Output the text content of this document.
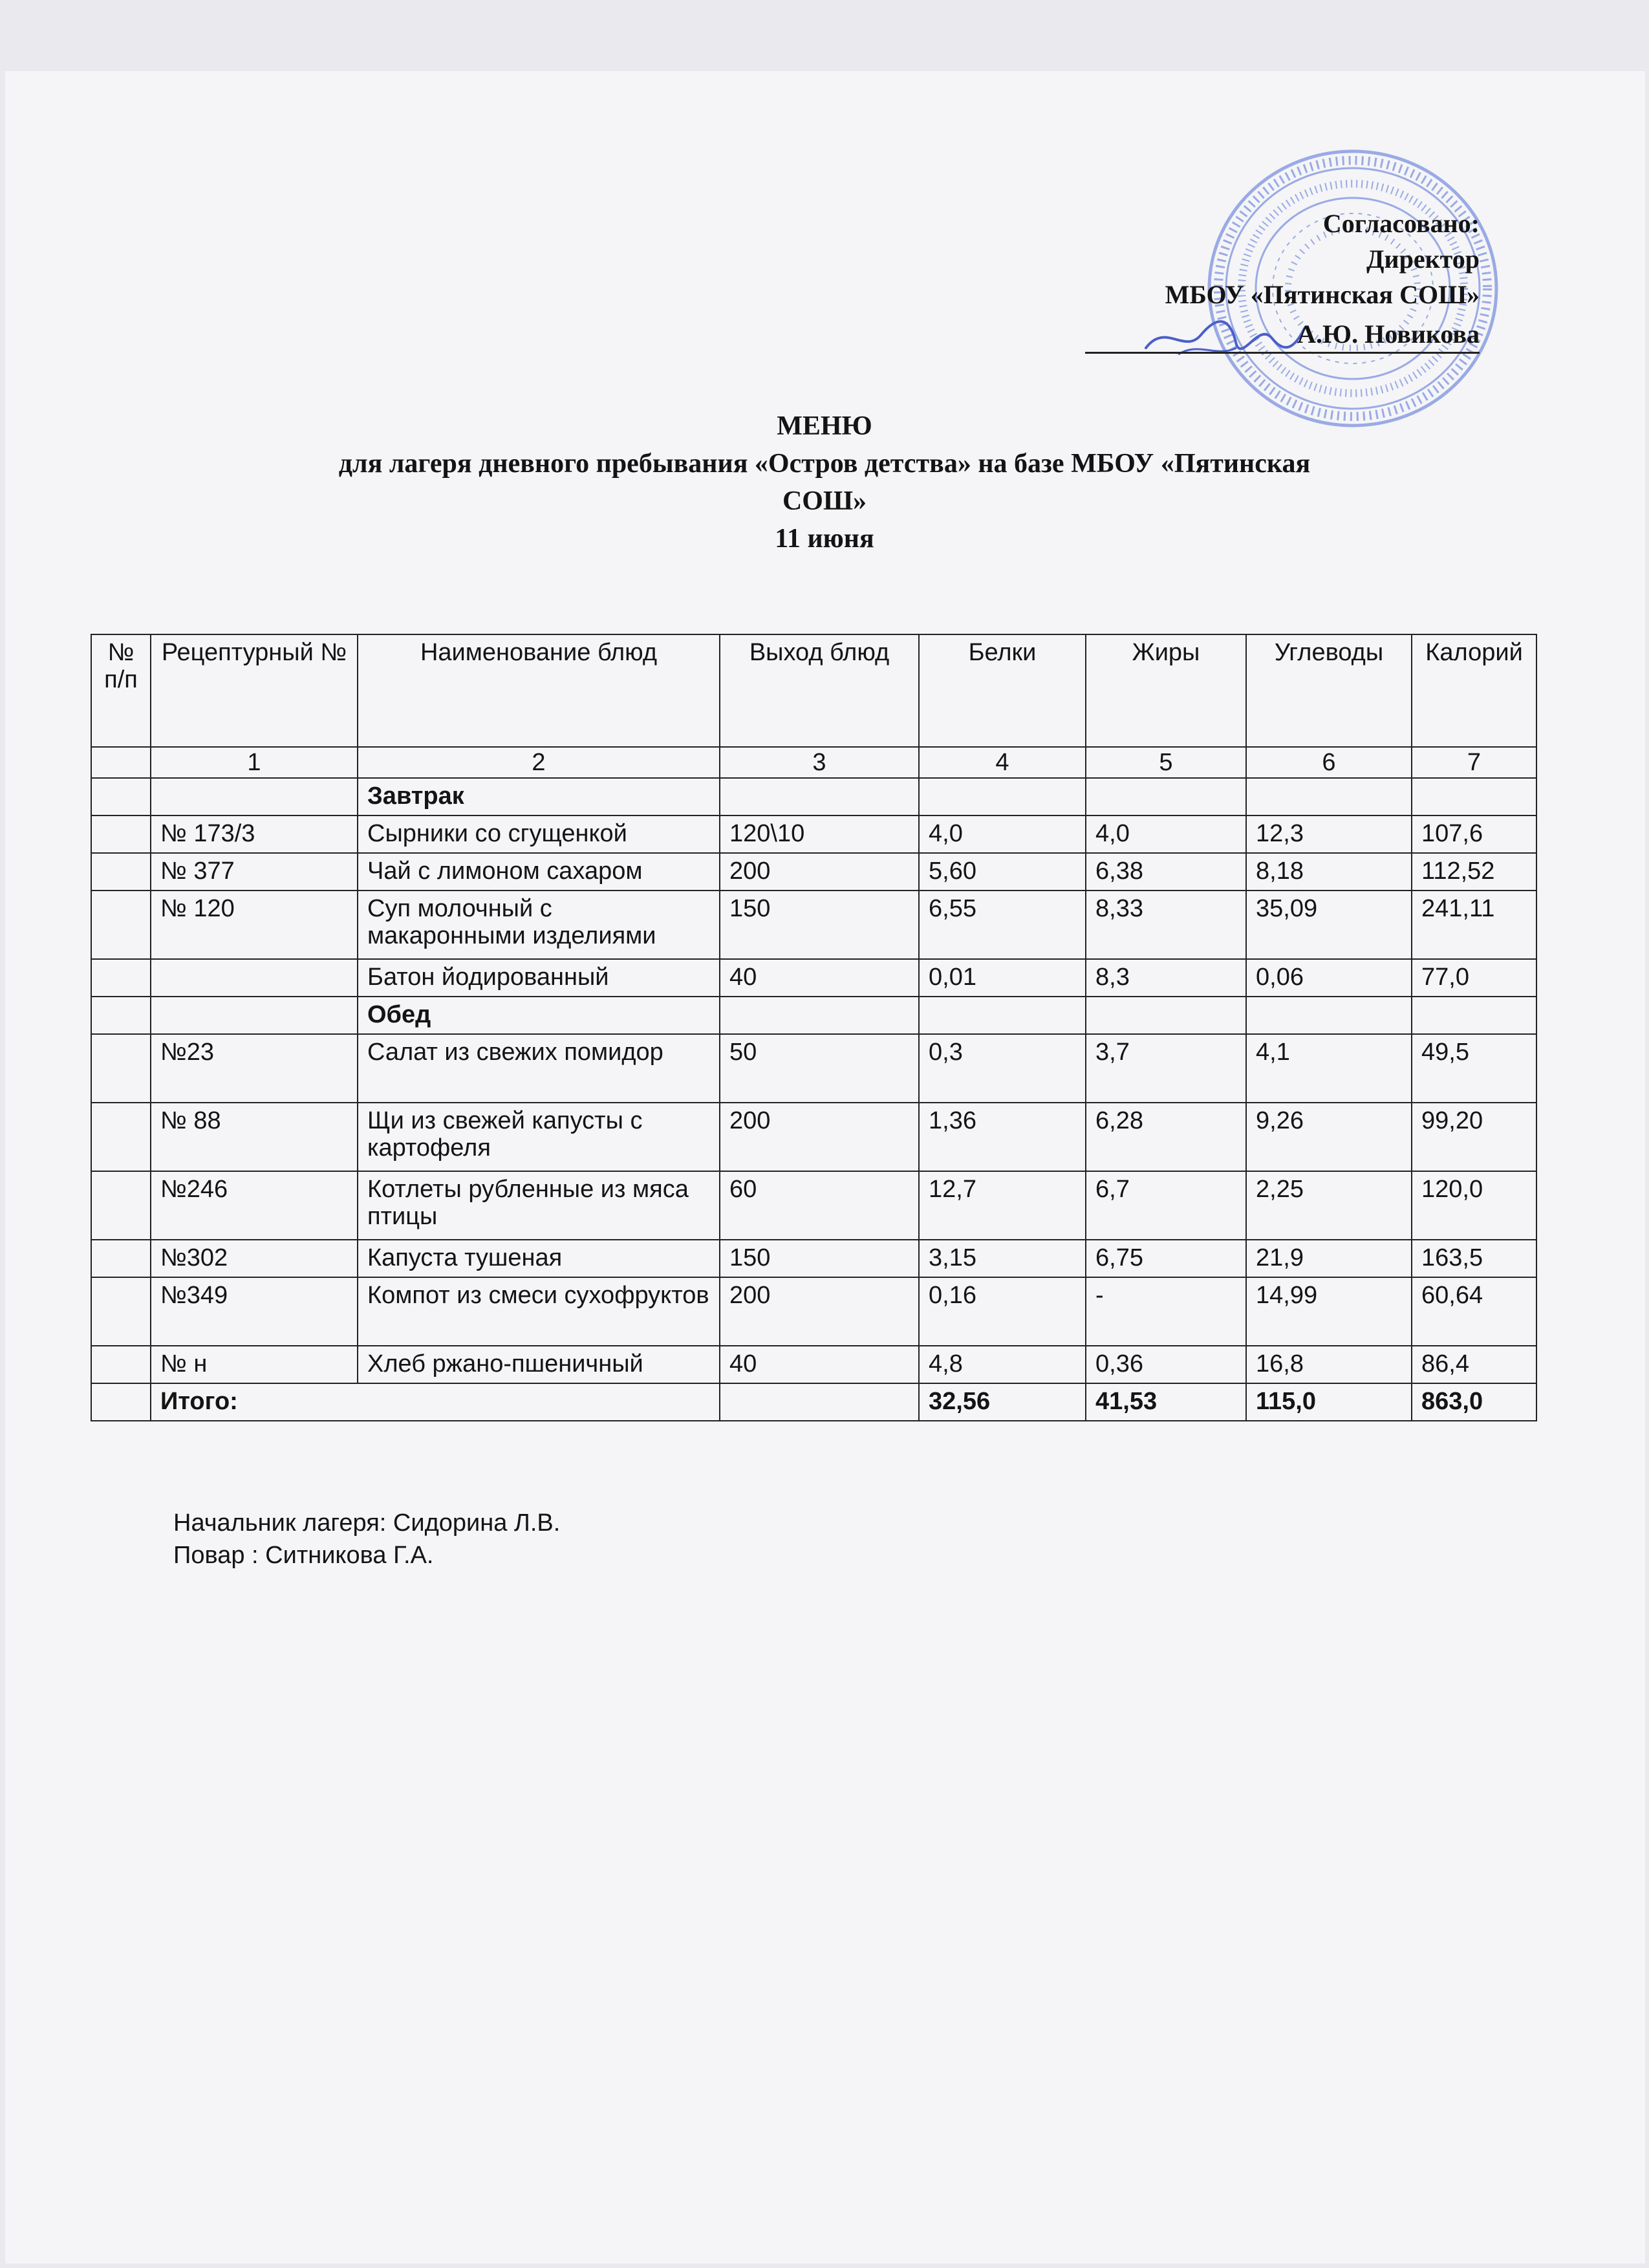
Согласовано:
Директор
МБОУ «Пятинская СОШ»
А.Ю. Новикова
МЕНЮ
для лагеря дневного пребывания «Остров детства» на базе МБОУ «Пятинская
СОШ»
11 июня
№ п/п	Рецептурный №	Наименование блюд	Выход блюд	Белки	Жиры	Углеводы	Калорий
	1	2	3	4	5	6	7
		Завтрак					
	№ 173/3	Сырники со сгущенкой	120\10	4,0	4,0	12,3	107,6
	№ 377	Чай с лимоном сахаром	200	5,60	6,38	8,18	112,52
	№ 120	Суп молочный с макаронными изделиями	150	6,55	8,33	35,09	241,11
		Батон йодированный	40	0,01	8,3	0,06	77,0
		Обед					
	№23	Салат из свежих помидор	50	0,3	3,7	4,1	49,5
	№ 88	Щи из свежей капусты с картофеля	200	1,36	6,28	9,26	99,20
	№246	Котлеты рубленные из мяса птицы	60	12,7	6,7	2,25	120,0
	№302	Капуста тушеная	150	3,15	6,75	21,9	163,5
	№349	Компот из смеси сухофруктов	200	0,16	-	14,99	60,64
	№ н	Хлеб ржано-пшеничный	40	4,8	0,36	16,8	86,4
	Итого:			32,56	41,53	115,0	863,0
Начальник лагеря: Сидорина Л.В.
Повар : Ситникова Г.А.
